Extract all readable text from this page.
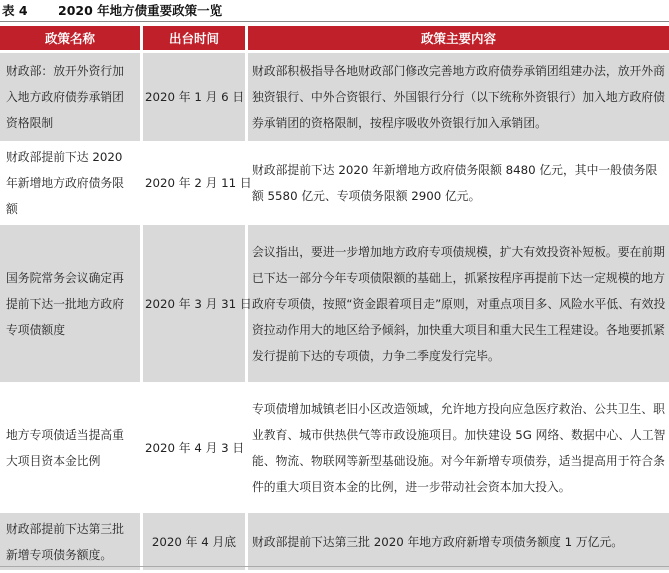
表 4 2020 年地方债重要政策一览
政策名称	出台时间	政策主要内容
财政部：放开外资行加入地方政府债券承销团资格限制	2020 年 1 月 6 日	财政部积极指导各地财政部门修改完善地方政府债券承销团组建办法，放开外商独资银行、中外合资银行、外国银行分行（以下统称外资银行）加入地方政府债券承销团的资格限制，按程序吸收外资银行加入承销团。
财政部提前下达 2020 年新增地方政府债务限额	2020 年 2 月 11 日	财政部提前下达 2020 年新增地方政府债务限额 8480 亿元，其中一般债务限额 5580 亿元、专项债务限额 2900 亿元。
国务院常务会议确定再提前下达一批地方政府专项债额度	2020 年 3 月 31 日	会议指出，要进一步增加地方政府专项债规模，扩大有效投资补短板。要在前期已下达一部分今年专项债限额的基础上，抓紧按程序再提前下达一定规模的地方政府专项债，按照“资金跟着项目走”原则，对重点项目多、风险水平低、有效投资拉动作用大的地区给予倾斜，加快重大项目和重大民生工程建设。各地要抓紧发行提前下达的专项债，力争二季度发行完毕。
地方专项债适当提高重大项目资本金比例	2020 年 4 月 3 日	专项债增加城镇老旧小区改造领域，允许地方投向应急医疗救治、公共卫生、职业教育、城市供热供气等市政设施项目。加快建设 5G 网络、数据中心、人工智能、物流、物联网等新型基础设施。对今年新增专项债券，适当提高用于符合条件的重大项目资本金的比例，进一步带动社会资本加大投入。
财政部提前下达第三批新增专项债务额度。	2020 年 4 月底	财政部提前下达第三批 2020 年地方政府新增专项债务额度 1 万亿元。
